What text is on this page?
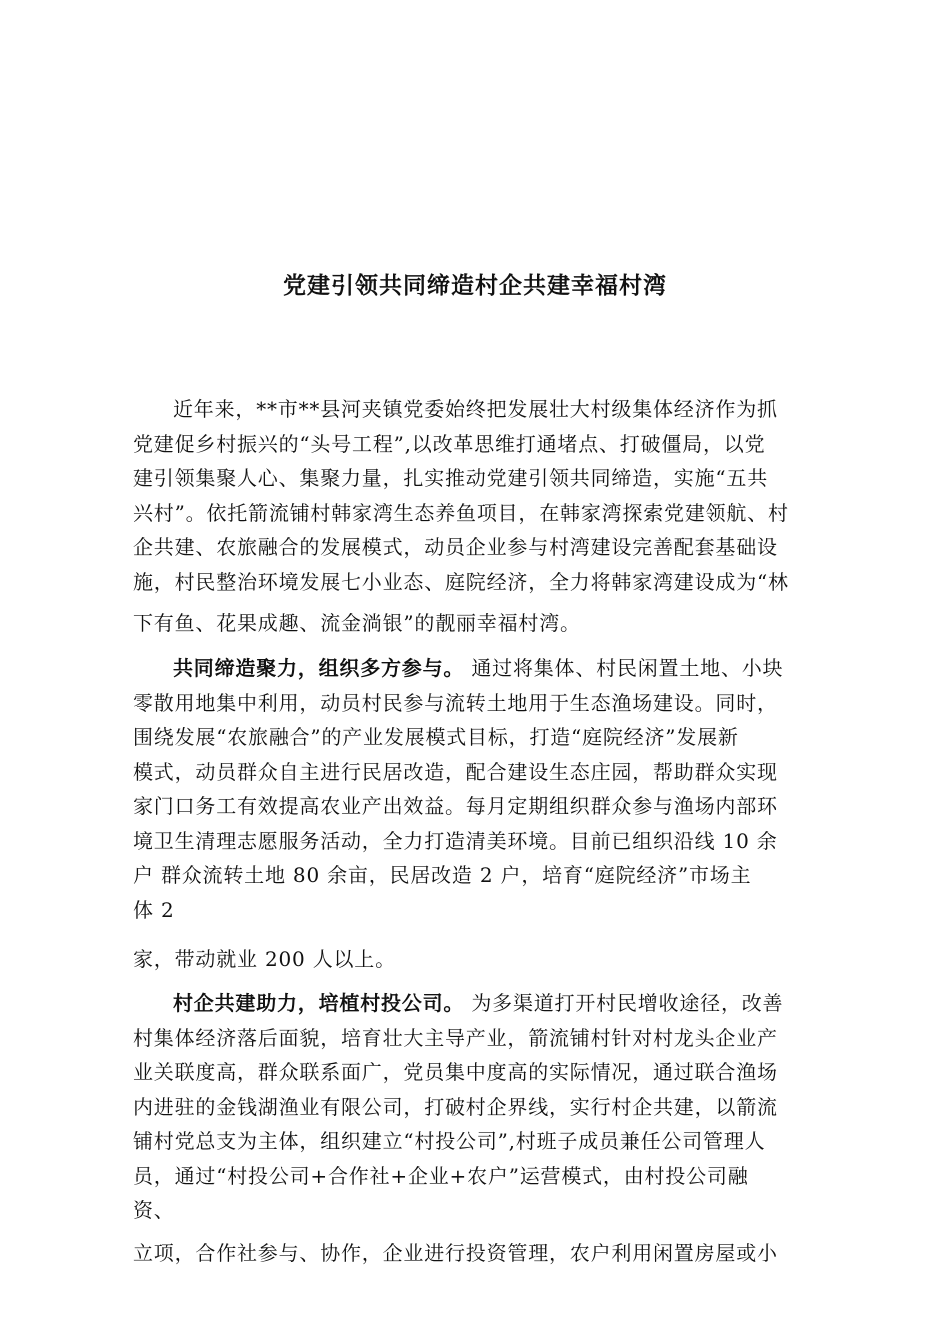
党建引领共同缔造村企共建幸福村湾
近年来，**市**县河夹镇党委始终把发展壮大村级集体经济作为抓
党建促乡村振兴的“头号工程”,以改革思维打通堵点、打破僵局，以党
建引领集聚人心、集聚力量，扎实推动党建引领共同缔造，实施“五共
兴村”。依托箭流铺村韩家湾生态养鱼项目，在韩家湾探索党建领航、村
企共建、农旅融合的发展模式，动员企业参与村湾建设完善配套基础设
施，村民整治环境发展七小业态、庭院经济，全力将韩家湾建设成为“林
下有鱼、花果成趣、流金淌银”的靓丽幸福村湾。
共同缔造聚力，组织多方参与。 通过将集体、村民闲置土地、小块
零散用地集中利用，动员村民参与流转土地用于生态渔场建设。同时，
围绕发展“农旅融合”的产业发展模式目标，打造“庭院经济”发展新
模式，动员群众自主进行民居改造，配合建设生态庄园，帮助群众实现
家门口务工有效提高农业产出效益。每月定期组织群众参与渔场内部环
境卫生清理志愿服务活动，全力打造清美环境。目前已组织沿线 10 余
户 群众流转土地 80 余亩，民居改造 2 户，培育“庭院经济”市场主
体 2
家，带动就业 200 人以上。
村企共建助力，培植村投公司。 为多渠道打开村民增收途径，改善
村集体经济落后面貌，培育壮大主导产业，箭流铺村针对村龙头企业产
业关联度高，群众联系面广，党员集中度高的实际情况，通过联合渔场
内进驻的金钱湖渔业有限公司，打破村企界线，实行村企共建，以箭流
铺村党总支为主体，组织建立“村投公司”,村班子成员兼任公司管理人
员，通过“村投公司+合作社+企业+农户”运营模式，由村投公司融
资、
立项，合作社参与、协作，企业进行投资管理，农户利用闲置房屋或小
